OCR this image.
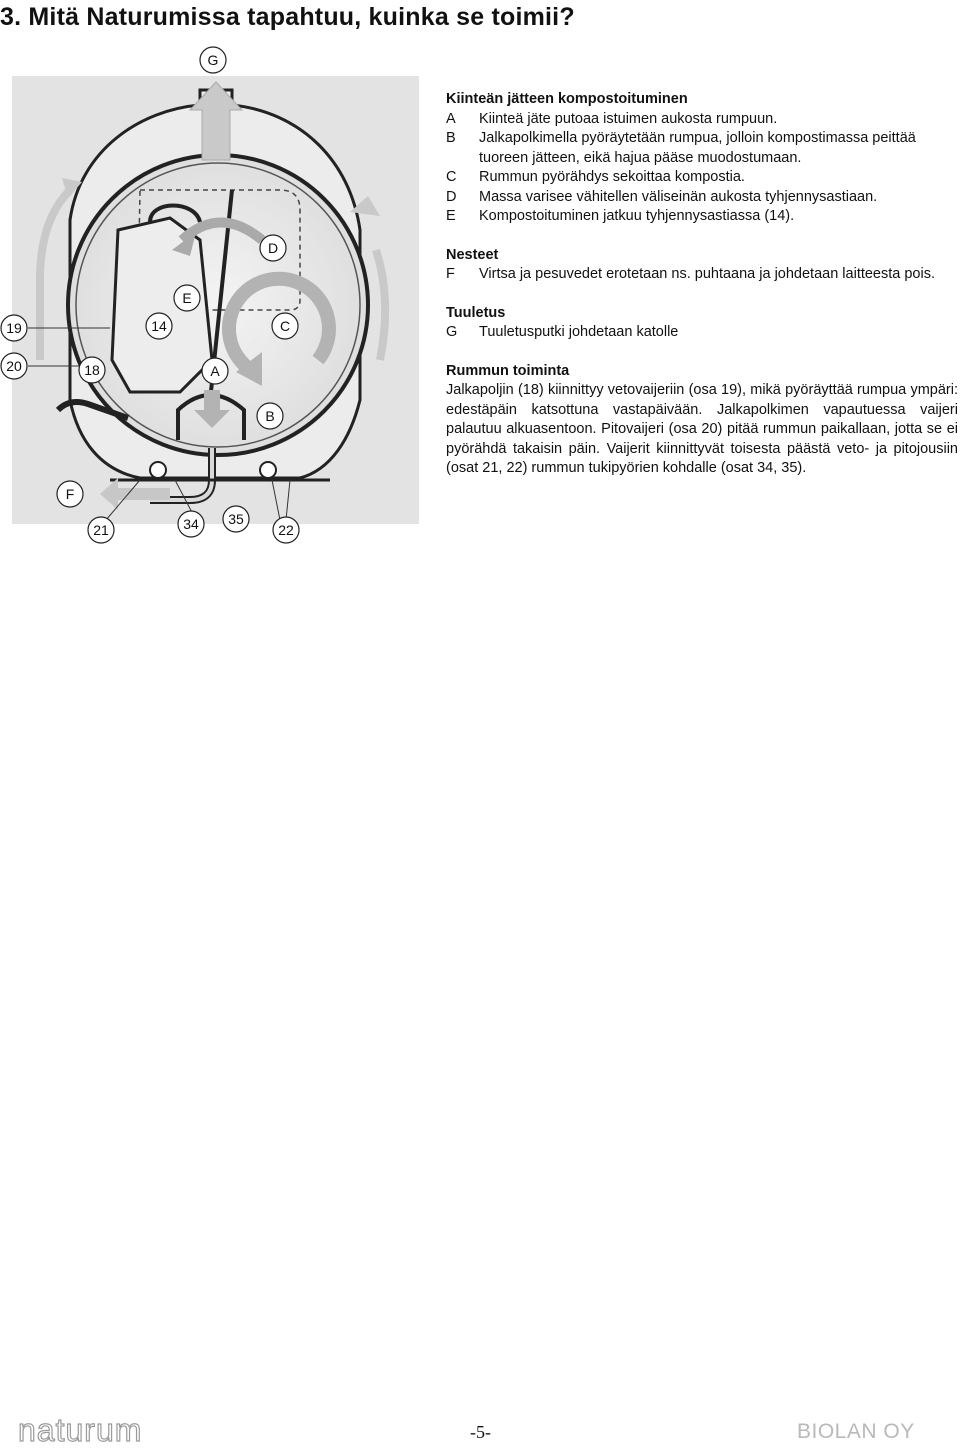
3. Mitä Naturumissa tapahtuu, kuinka se toimii?
G
D
E
C
A
B
F
19
20
14
18
21	34 35
22
Kiinteän jätteen kompostoituminen
A	Kiinteä jäte putoaa istuimen aukosta rumpuun.
B	Jalkapolkimella pyöräytetään rumpua, jolloin kompostimassa peittää tuoreen jätteen, eikä hajua pääse muodostumaan.
C	Rummun pyörähdys sekoittaa kompostia.
D	Massa varisee vähitellen väliseinän aukosta tyhjennysastiaan.
E	Kompostoituminen jatkuu tyhjennysastiassa (14).
Nesteet
F	Virtsa ja pesuvedet erotetaan ns. puhtaana ja johdetaan laitteesta pois.
Tuuletus
G	Tuuletusputki johdetaan katolle
Rummun toiminta
Jalkapoljin (18) kiinnittyy vetovaijeriin (osa 19), mikä pyöräyttää rumpua ympäri: edestäpäin katsottuna vastapäivään. Jalkapolkimen vapautuessa vaijeri palautuu alkuasentoon. Pitovaijeri (osa 20) pitää rummun paikallaan, jotta se ei pyörähdä takaisin päin. Vaijerit kiinnittyvät toisesta päästä veto- ja pitojousiin (osat 21, 22) rummun tukipyörien kohdalle (osat 34, 35).
naturum	-5-	BIOLAN OY
